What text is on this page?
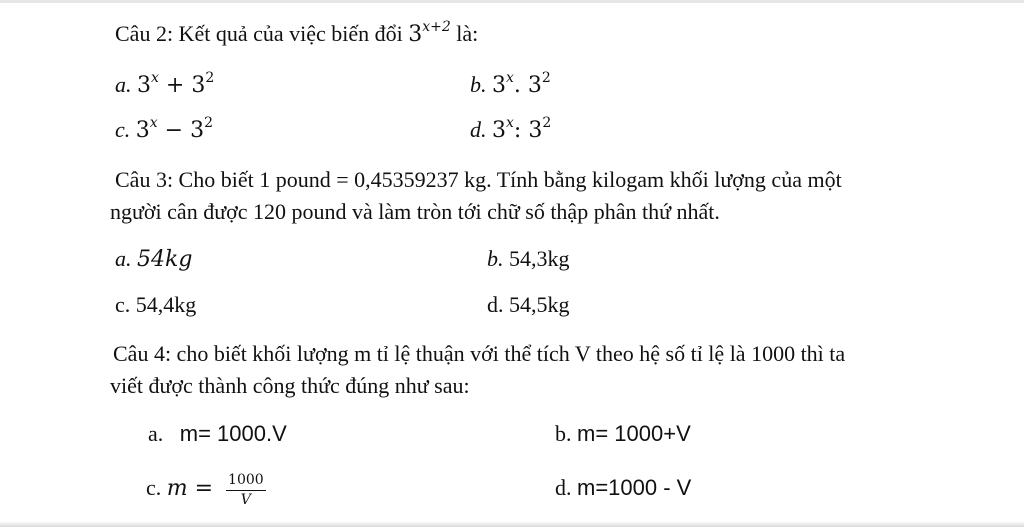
Câu 2: Kết quả của việc biến đổi $3^{x+2}$ là:
a. $3^x + 3^2$	b. 3$^x$. $3^2$
c. $3^x - 3^2$	d. 3$^x$: $3^2$
Câu 3: Cho biết 1 pound = 0,45359237 kg. Tính bằng kilogam khối lượng của một
người cân được 120 pound và làm tròn tới chữ số thập phân thứ nhất.
a. 54kg	b. 54,3kg
c. 54,4kg	d. 54,5kg
Câu 4: cho biết khối lượng m tỉ lệ thuận với thể tích V theo hệ số tỉ lệ là 1000 thì ta
viết được thành công thức đúng như sau:
a. m= 1000.V	b. m= 1000+V
c. $m = \frac{1000}{V}$	d. m=1000 - V
